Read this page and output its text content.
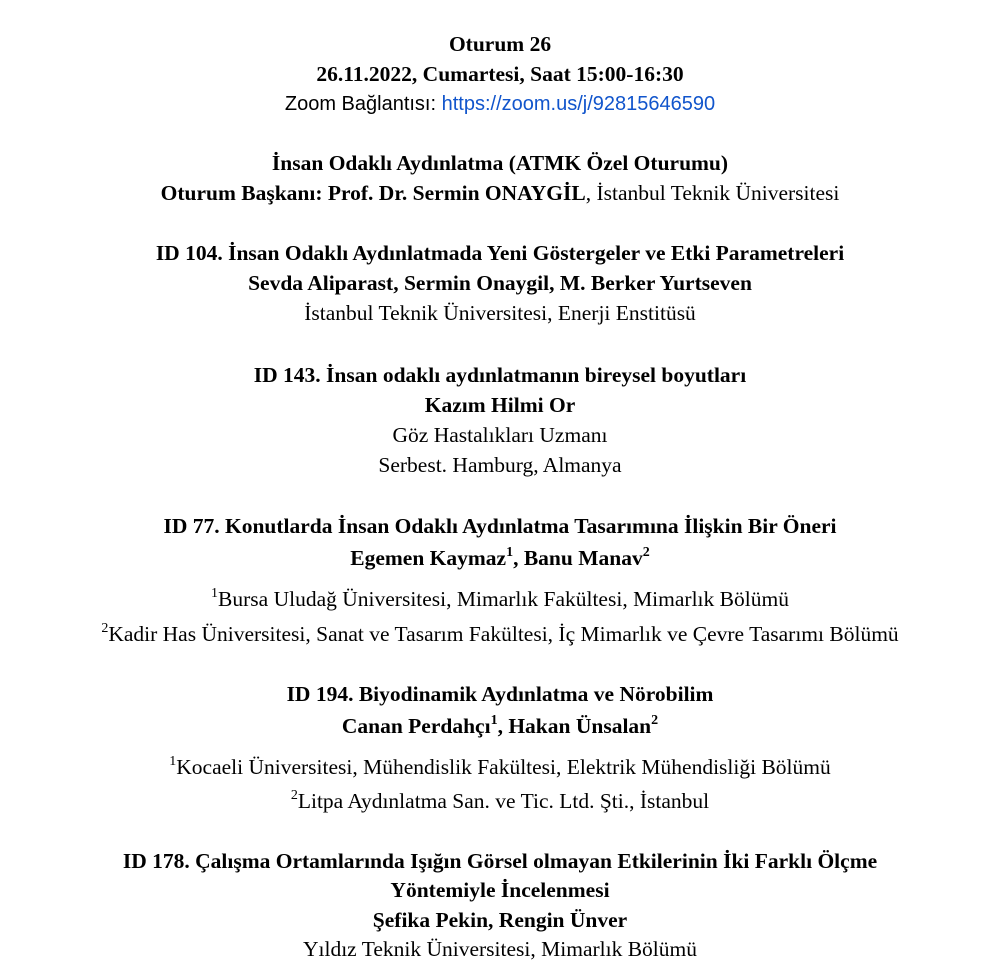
Oturum 26
26.11.2022, Cumartesi, Saat 15:00-16:30
Zoom Bağlantısı: https://zoom.us/j/92815646590
İnsan Odaklı Aydınlatma (ATMK Özel Oturumu)
Oturum Başkanı: Prof. Dr. Sermin ONAYGİL, İstanbul Teknik Üniversitesi
ID 104. İnsan Odaklı Aydınlatmada Yeni Göstergeler ve Etki Parametreleri
Sevda Aliparast, Sermin Onaygil, M. Berker Yurtseven
İstanbul Teknik Üniversitesi, Enerji Enstitüsü
ID 143. İnsan odaklı aydınlatmanın bireysel boyutları
Kazım Hilmi Or
Göz Hastalıkları Uzmanı
Serbest. Hamburg, Almanya
ID 77. Konutlarda İnsan Odaklı Aydınlatma Tasarımına İlişkin Bir Öneri
Egemen Kaymaz$^1$, Banu Manav$^2$
$^1$Bursa Uludağ Üniversitesi, Mimarlık Fakültesi, Mimarlık Bölümü
$^2$Kadir Has Üniversitesi, Sanat ve Tasarım Fakültesi, İç Mimarlık ve Çevre Tasarımı Bölümü
ID 194. Biyodinamik Aydınlatma ve Nörobilim
Canan Perdahçı$^1$, Hakan Ünsalan$^2$
$^1$Kocaeli Üniversitesi, Mühendislik Fakültesi, Elektrik Mühendisliği Bölümü
$^2$Litpa Aydınlatma San. ve Tic. Ltd. Şti., İstanbul
ID 178. Çalışma Ortamlarında Işığın Görsel olmayan Etkilerinin İki Farklı Ölçme
Yöntemiyle İncelenmesi
Şefika Pekin, Rengin Ünver
Yıldız Teknik Üniversitesi, Mimarlık Bölümü
